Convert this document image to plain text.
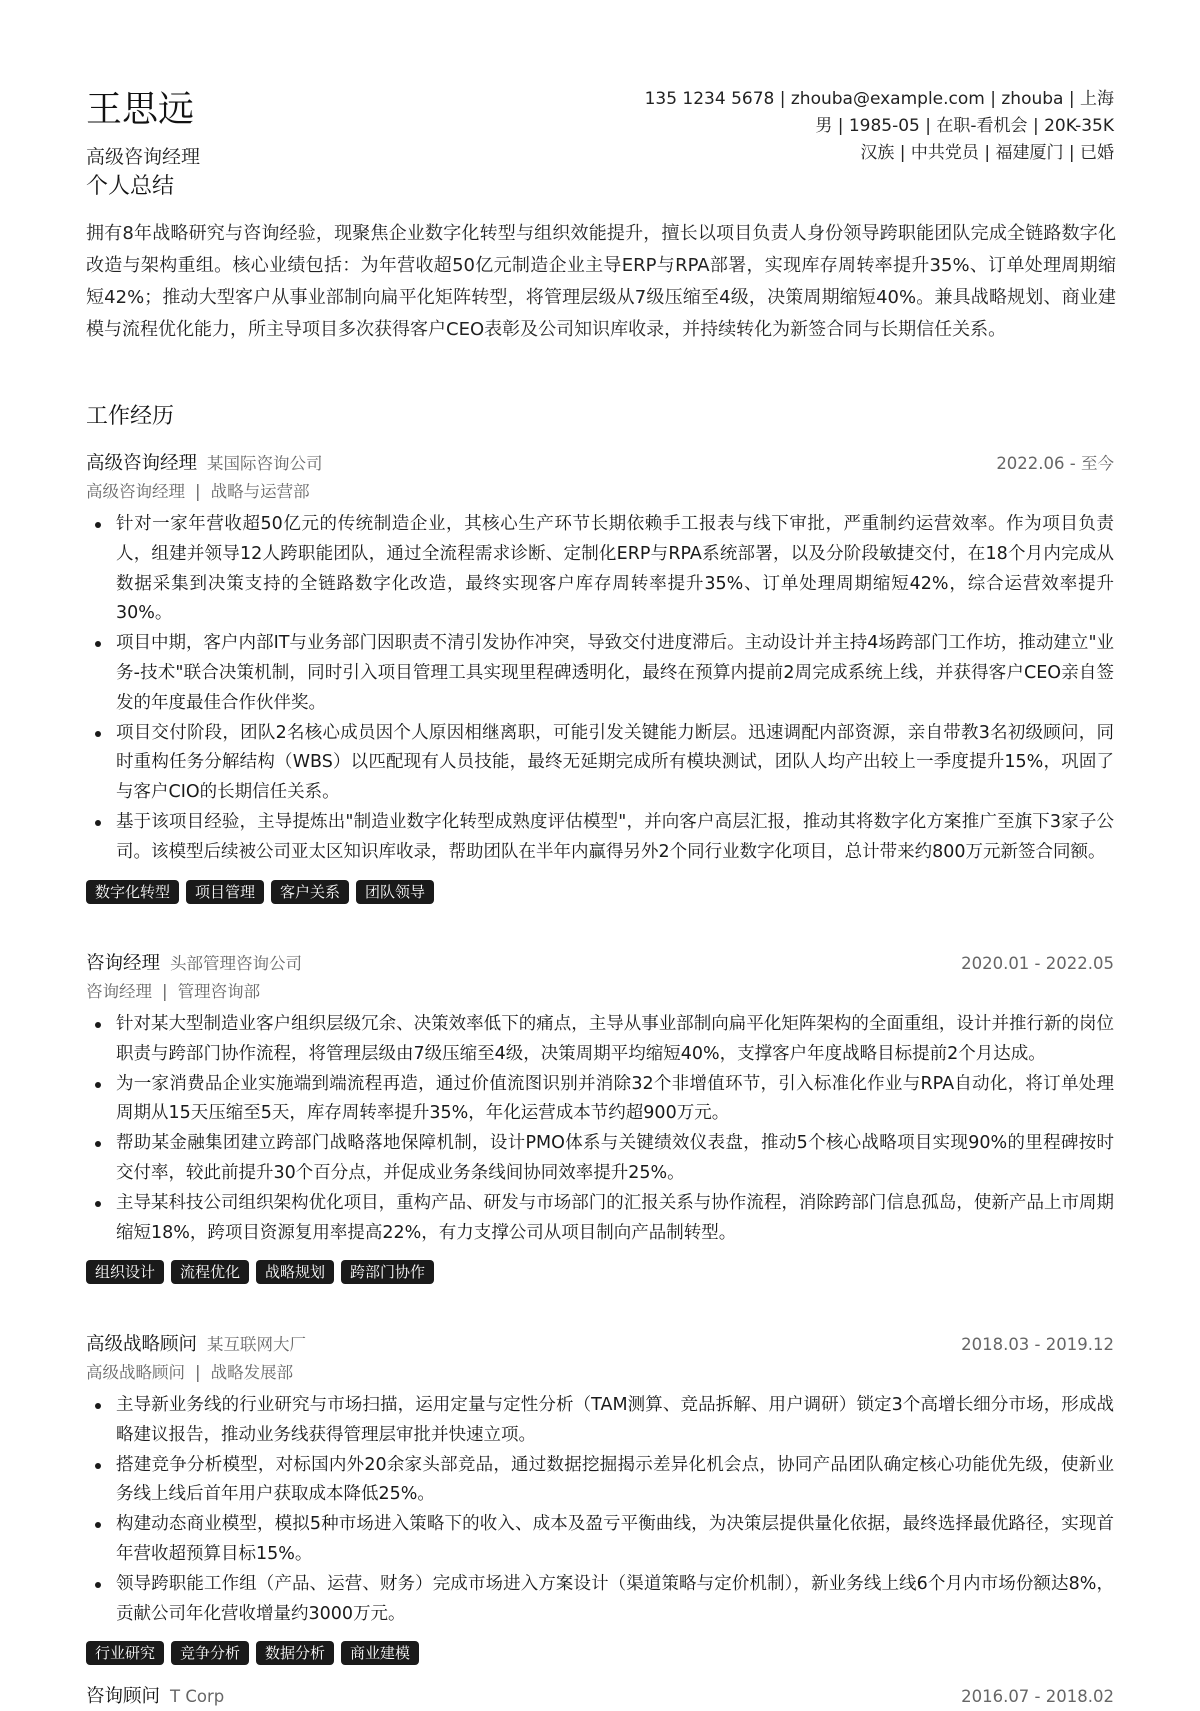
王思远
高级咨询经理
135 1234 5678 | zhouba@example.com | zhouba | 上海
男 | 1985-05 | 在职-看机会 | 20K-35K
汉族 | 中共党员 | 福建厦门 | 已婚
个人总结
拥有8年战略研究与咨询经验，现聚焦企业数字化转型与组织效能提升，擅长以项目负责人身份领导跨职能团队完成全链路数字化改造与架构重组。核心业绩包括：为年营收超50亿元制造企业主导ERP与RPA部署，实现库存周转率提升35%、订单处理周期缩短42%；推动大型客户从事业部制向扁平化矩阵转型，将管理层级从7级压缩至4级，决策周期缩短40%。兼具战略规划、商业建模与流程优化能力，所主导项目多次获得客户CEO表彰及公司知识库收录，并持续转化为新签合同与长期信任关系。
工作经历
高级咨询经理 某国际咨询公司	2022.06 - 至今
高级咨询经理 | 战略与运营部
针对一家年营收超50亿元的传统制造企业，其核心生产环节长期依赖手工报表与线下审批，严重制约运营效率。作为项目负责人，组建并领导12人跨职能团队，通过全流程需求诊断、定制化ERP与RPA系统部署，以及分阶段敏捷交付，在18个月内完成从数据采集到决策支持的全链路数字化改造，最终实现客户库存周转率提升35%、订单处理周期缩短42%，综合运营效率提升30%。
项目中期，客户内部IT与业务部门因职责不清引发协作冲突，导致交付进度滞后。主动设计并主持4场跨部门工作坊，推动建立"业务-技术"联合决策机制，同时引入项目管理工具实现里程碑透明化，最终在预算内提前2周完成系统上线，并获得客户CEO亲自签发的年度最佳合作伙伴奖。
项目交付阶段，团队2名核心成员因个人原因相继离职，可能引发关键能力断层。迅速调配内部资源，亲自带教3名初级顾问，同时重构任务分解结构（WBS）以匹配现有人员技能，最终无延期完成所有模块测试，团队人均产出较上一季度提升15%，巩固了与客户CIO的长期信任关系。
基于该项目经验，主导提炼出"制造业数字化转型成熟度评估模型"，并向客户高层汇报，推动其将数字化方案推广至旗下3家子公司。该模型后续被公司亚太区知识库收录，帮助团队在半年内赢得另外2个同行业数字化项目，总计带来约800万元新签合同额。
数字化转型	项目管理	客户关系	团队领导
咨询经理 头部管理咨询公司	2020.01 - 2022.05
咨询经理 | 管理咨询部
针对某大型制造业客户组织层级冗余、决策效率低下的痛点，主导从事业部制向扁平化矩阵架构的全面重组，设计并推行新的岗位职责与跨部门协作流程，将管理层级由7级压缩至4级，决策周期平均缩短40%，支撑客户年度战略目标提前2个月达成。
为一家消费品企业实施端到端流程再造，通过价值流图识别并消除32个非增值环节，引入标准化作业与RPA自动化，将订单处理周期从15天压缩至5天，库存周转率提升35%，年化运营成本节约超900万元。
帮助某金融集团建立跨部门战略落地保障机制，设计PMO体系与关键绩效仪表盘，推动5个核心战略项目实现90%的里程碑按时交付率，较此前提升30个百分点，并促成业务条线间协同效率提升25%。
主导某科技公司组织架构优化项目，重构产品、研发与市场部门的汇报关系与协作流程，消除跨部门信息孤岛，使新产品上市周期缩短18%，跨项目资源复用率提高22%，有力支撑公司从项目制向产品制转型。
组织设计	流程优化	战略规划	跨部门协作
高级战略顾问 某互联网大厂	2018.03 - 2019.12
高级战略顾问 | 战略发展部
主导新业务线的行业研究与市场扫描，运用定量与定性分析（TAM测算、竞品拆解、用户调研）锁定3个高增长细分市场，形成战略建议报告，推动业务线获得管理层审批并快速立项。
搭建竞争分析模型，对标国内外20余家头部竞品，通过数据挖掘揭示差异化机会点，协同产品团队确定核心功能优先级，使新业务线上线后首年用户获取成本降低25%。
构建动态商业模型，模拟5种市场进入策略下的收入、成本及盈亏平衡曲线，为决策层提供量化依据，最终选择最优路径，实现首年营收超预算目标15%。
领导跨职能工作组（产品、运营、财务）完成市场进入方案设计（渠道策略与定价机制），新业务线上线6个月内市场份额达8%，贡献公司年化营收增量约3000万元。
行业研究	竞争分析	数据分析	商业建模
咨询顾问 T Corp	2016.07 - 2018.02
